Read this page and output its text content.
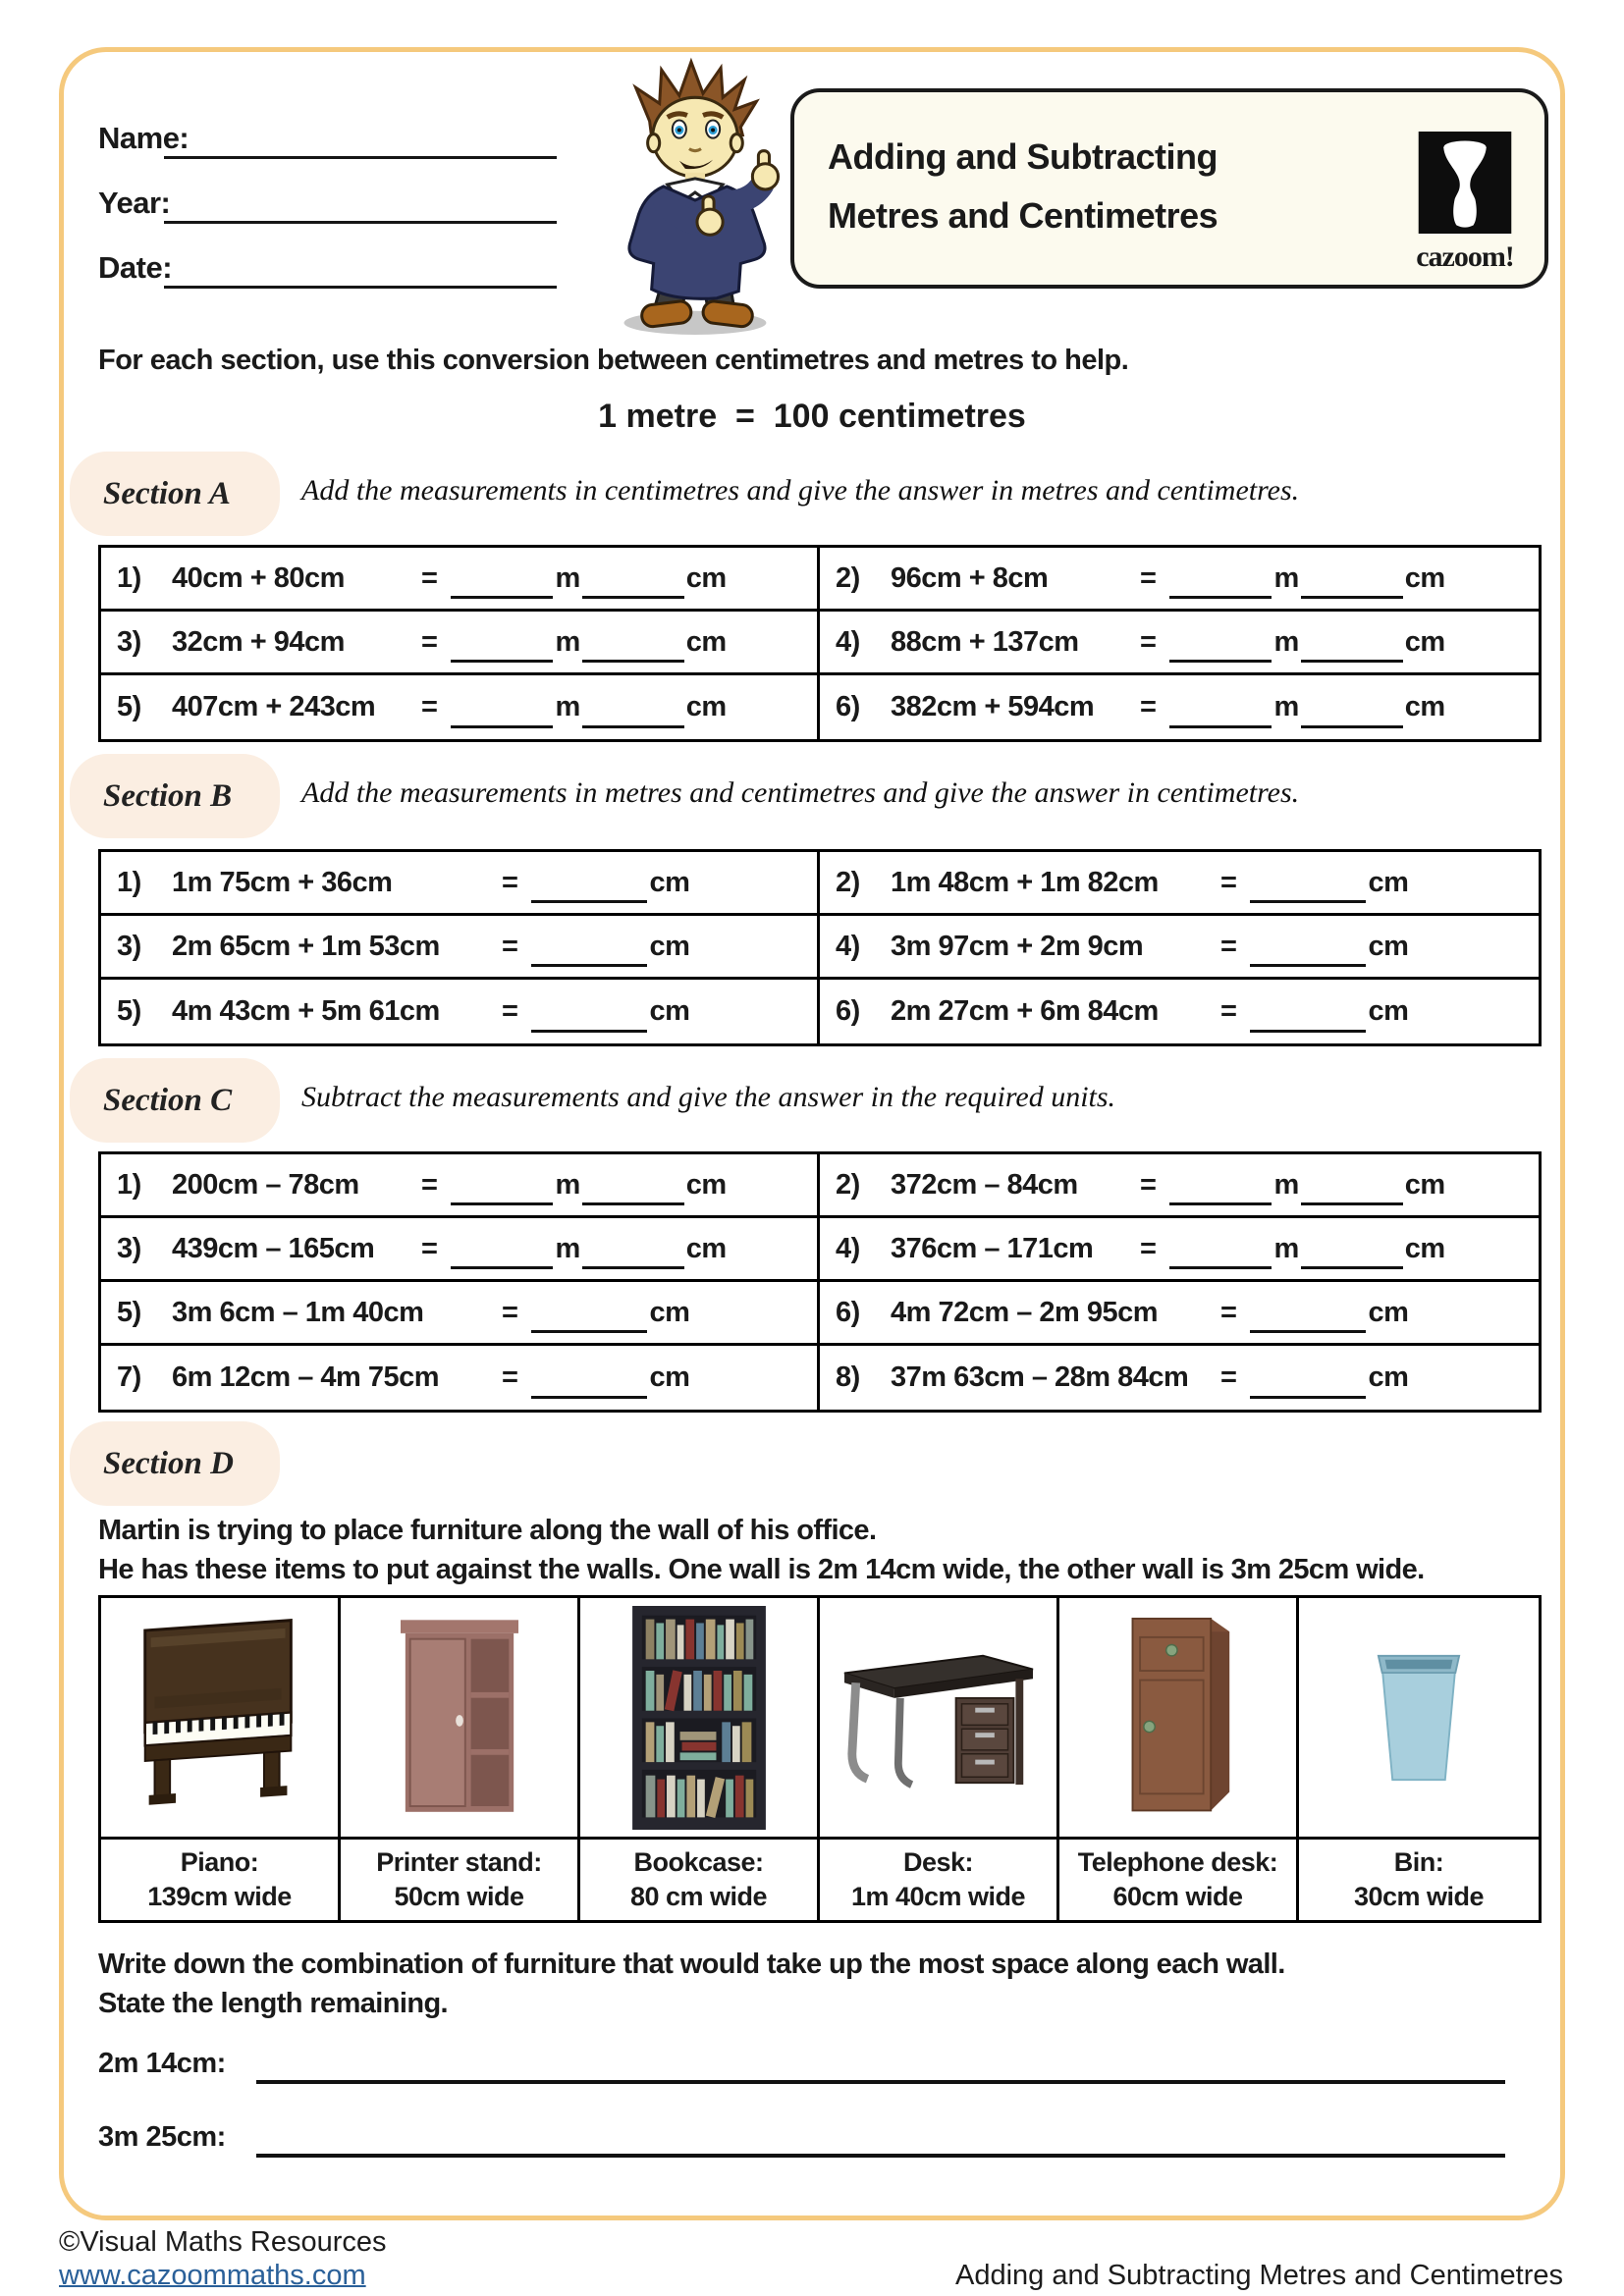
Name:
Year:
Date:
Adding and Subtracting
Metres and Centimetres
cazoom!
For each section, use this conversion between centimetres and metres to help.
1 metre  =  100 centimetres
Section A Add the measurements in centimetres and give the answer in metres and centimetres.
1)	40cm + 80cm	=	m	cm	2)	96cm + 8cm	=	m	cm
3)	32cm + 94cm	=	m	cm	4)	88cm + 137cm	=	m	cm
5)	407cm + 243cm	=	m	cm	6)	382cm + 594cm	=	m	cm
Section B Add the measurements in metres and centimetres and give the answer in centimetres.
1)	1m 75cm + 36cm	=	cm	2)	1m 48cm + 1m 82cm	=	cm
3)	2m 65cm + 1m 53cm	=	cm	4)	3m 97cm + 2m 9cm	=	cm
5)	4m 43cm + 5m 61cm	=	cm	6)	2m 27cm + 6m 84cm	=	cm
Section C Subtract the measurements and give the answer in the required units.
1)	200cm – 78cm	=	m	cm	2)	372cm – 84cm	=	m	cm
3)	439cm – 165cm	=	m	cm	4)	376cm – 171cm	=	m	cm
5)	3m 6cm – 1m 40cm	=	cm	6)	4m 72cm – 2m 95cm	=	cm
7)	6m 12cm – 4m 75cm	=	cm	8)	37m 63cm – 28m 84cm	=	cm
Section D
Martin is trying to place furniture along the wall of his office.
He has these items to put against the walls. One wall is 2m 14cm wide, the other wall is 3m 25cm wide.
Piano:
139cm wide
Printer stand:
50cm wide
Bookcase:
80 cm wide
Desk:
1m 40cm wide
Telephone desk:
60cm wide
Bin:
30cm wide
Write down the combination of furniture that would take up the most space along each wall.
State the length remaining.
2m 14cm:
3m 25cm:
©Visual Maths Resources
www.cazoommaths.com	Adding and Subtracting Metres and Centimetres
